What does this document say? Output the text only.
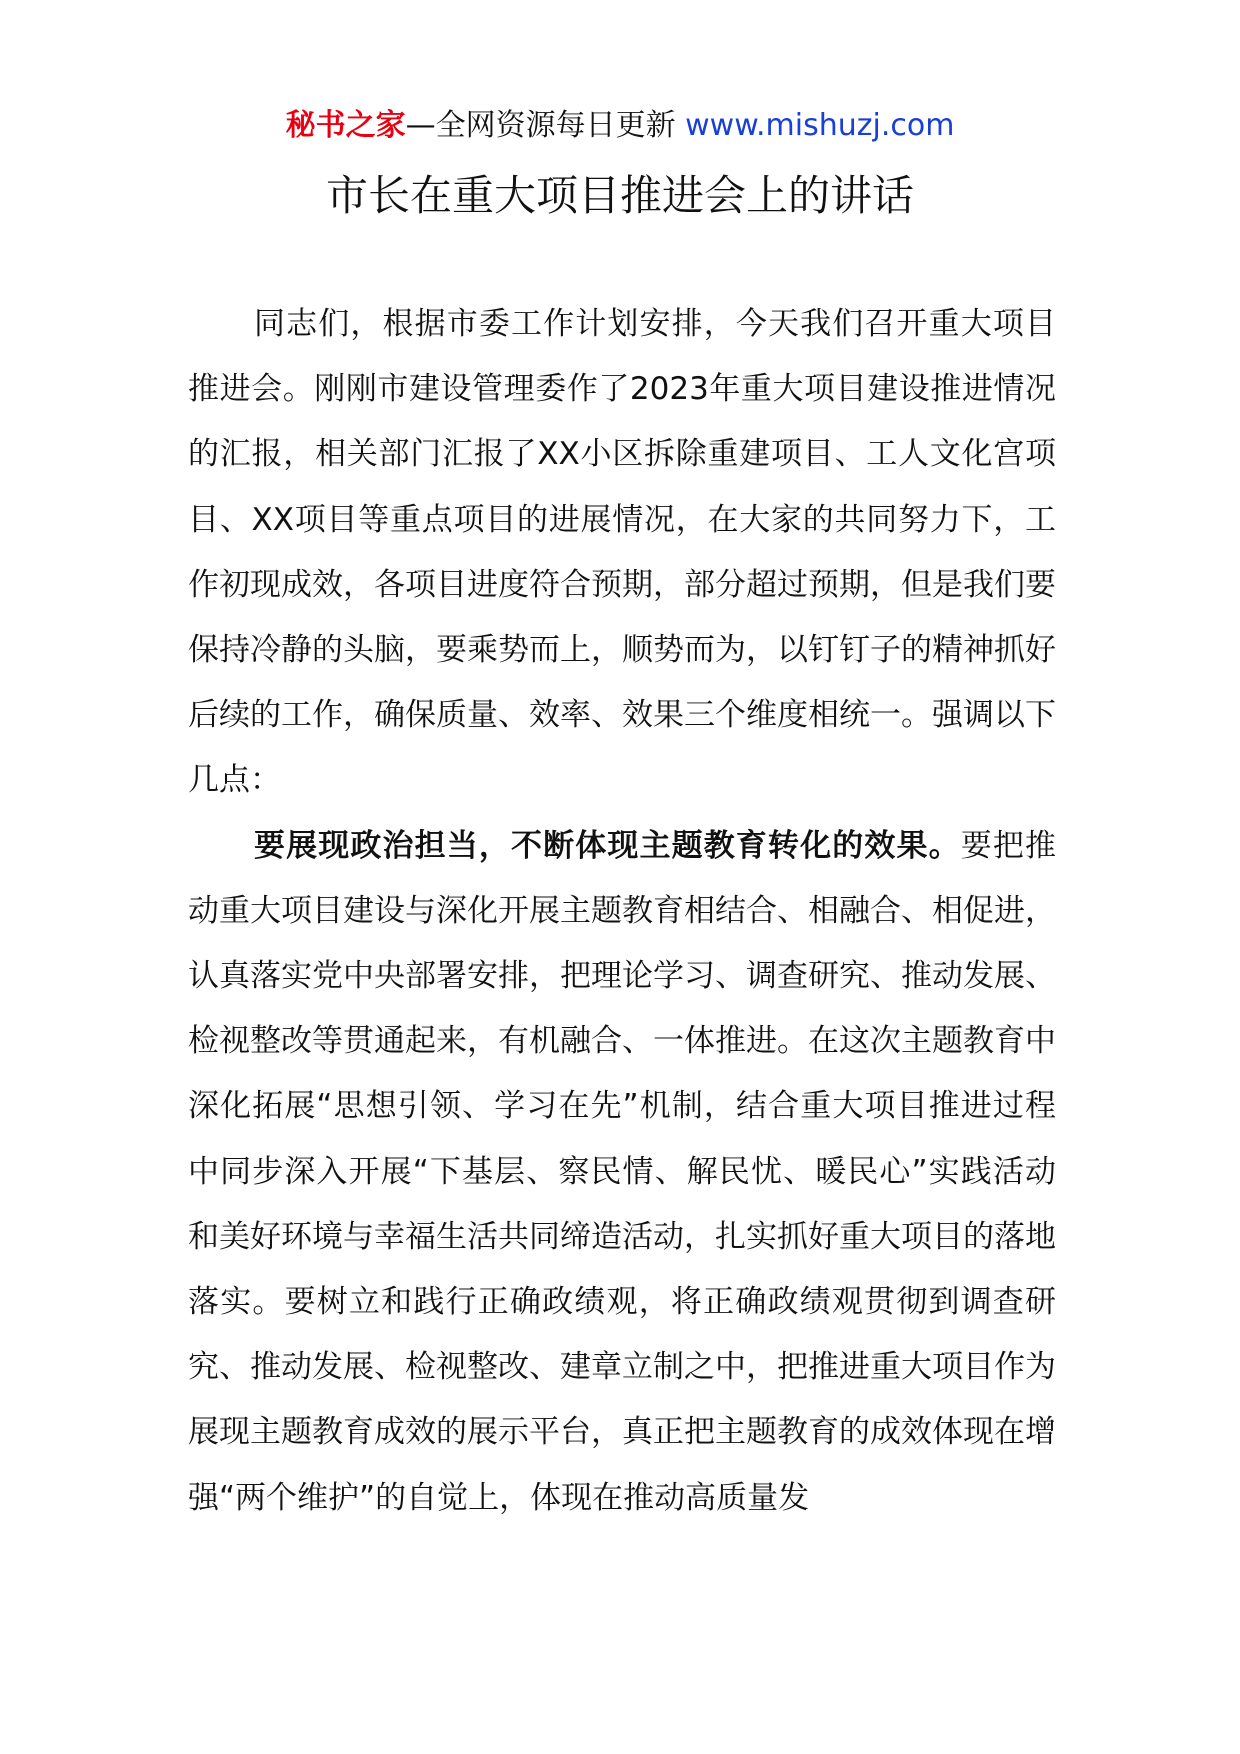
秘书之家—全网资源每日更新 www.mishuzj.com
市长在重大项目推进会上的讲话

同志们，根据市委工作计划安排，今天我们召开重大项目推进会。刚刚市建设管理委作了2023年重大项目建设推进情况的汇报，相关部门汇报了XX小区拆除重建项目、工人文化宫项目、XX项目等重点项目的进展情况，在大家的共同努力下，工作初现成效，各项目进度符合预期，部分超过预期，但是我们要保持冷静的头脑，要乘势而上，顺势而为，以钉钉子的精神抓好后续的工作，确保质量、效率、效果三个维度相统一。强调以下几点：

要展现政治担当，不断体现主题教育转化的效果。要把推动重大项目建设与深化开展主题教育相结合、相融合、相促进，认真落实党中央部署安排，把理论学习、调查研究、推动发展、检视整改等贯通起来，有机融合、一体推进。在这次主题教育中深化拓展“思想引领、学习在先”机制，结合重大项目推进过程中同步深入开展“下基层、察民情、解民忧、暖民心”实践活动和美好环境与幸福生活共同缔造活动，扎实抓好重大项目的落地落实。要树立和践行正确政绩观，将正确政绩观贯彻到调查研究、推动发展、检视整改、建章立制之中，把推进重大项目作为展现主题教育成效的展示平台，真正把主题教育的成效体现在增强“两个维护”的自觉上，体现在推动高质量发
